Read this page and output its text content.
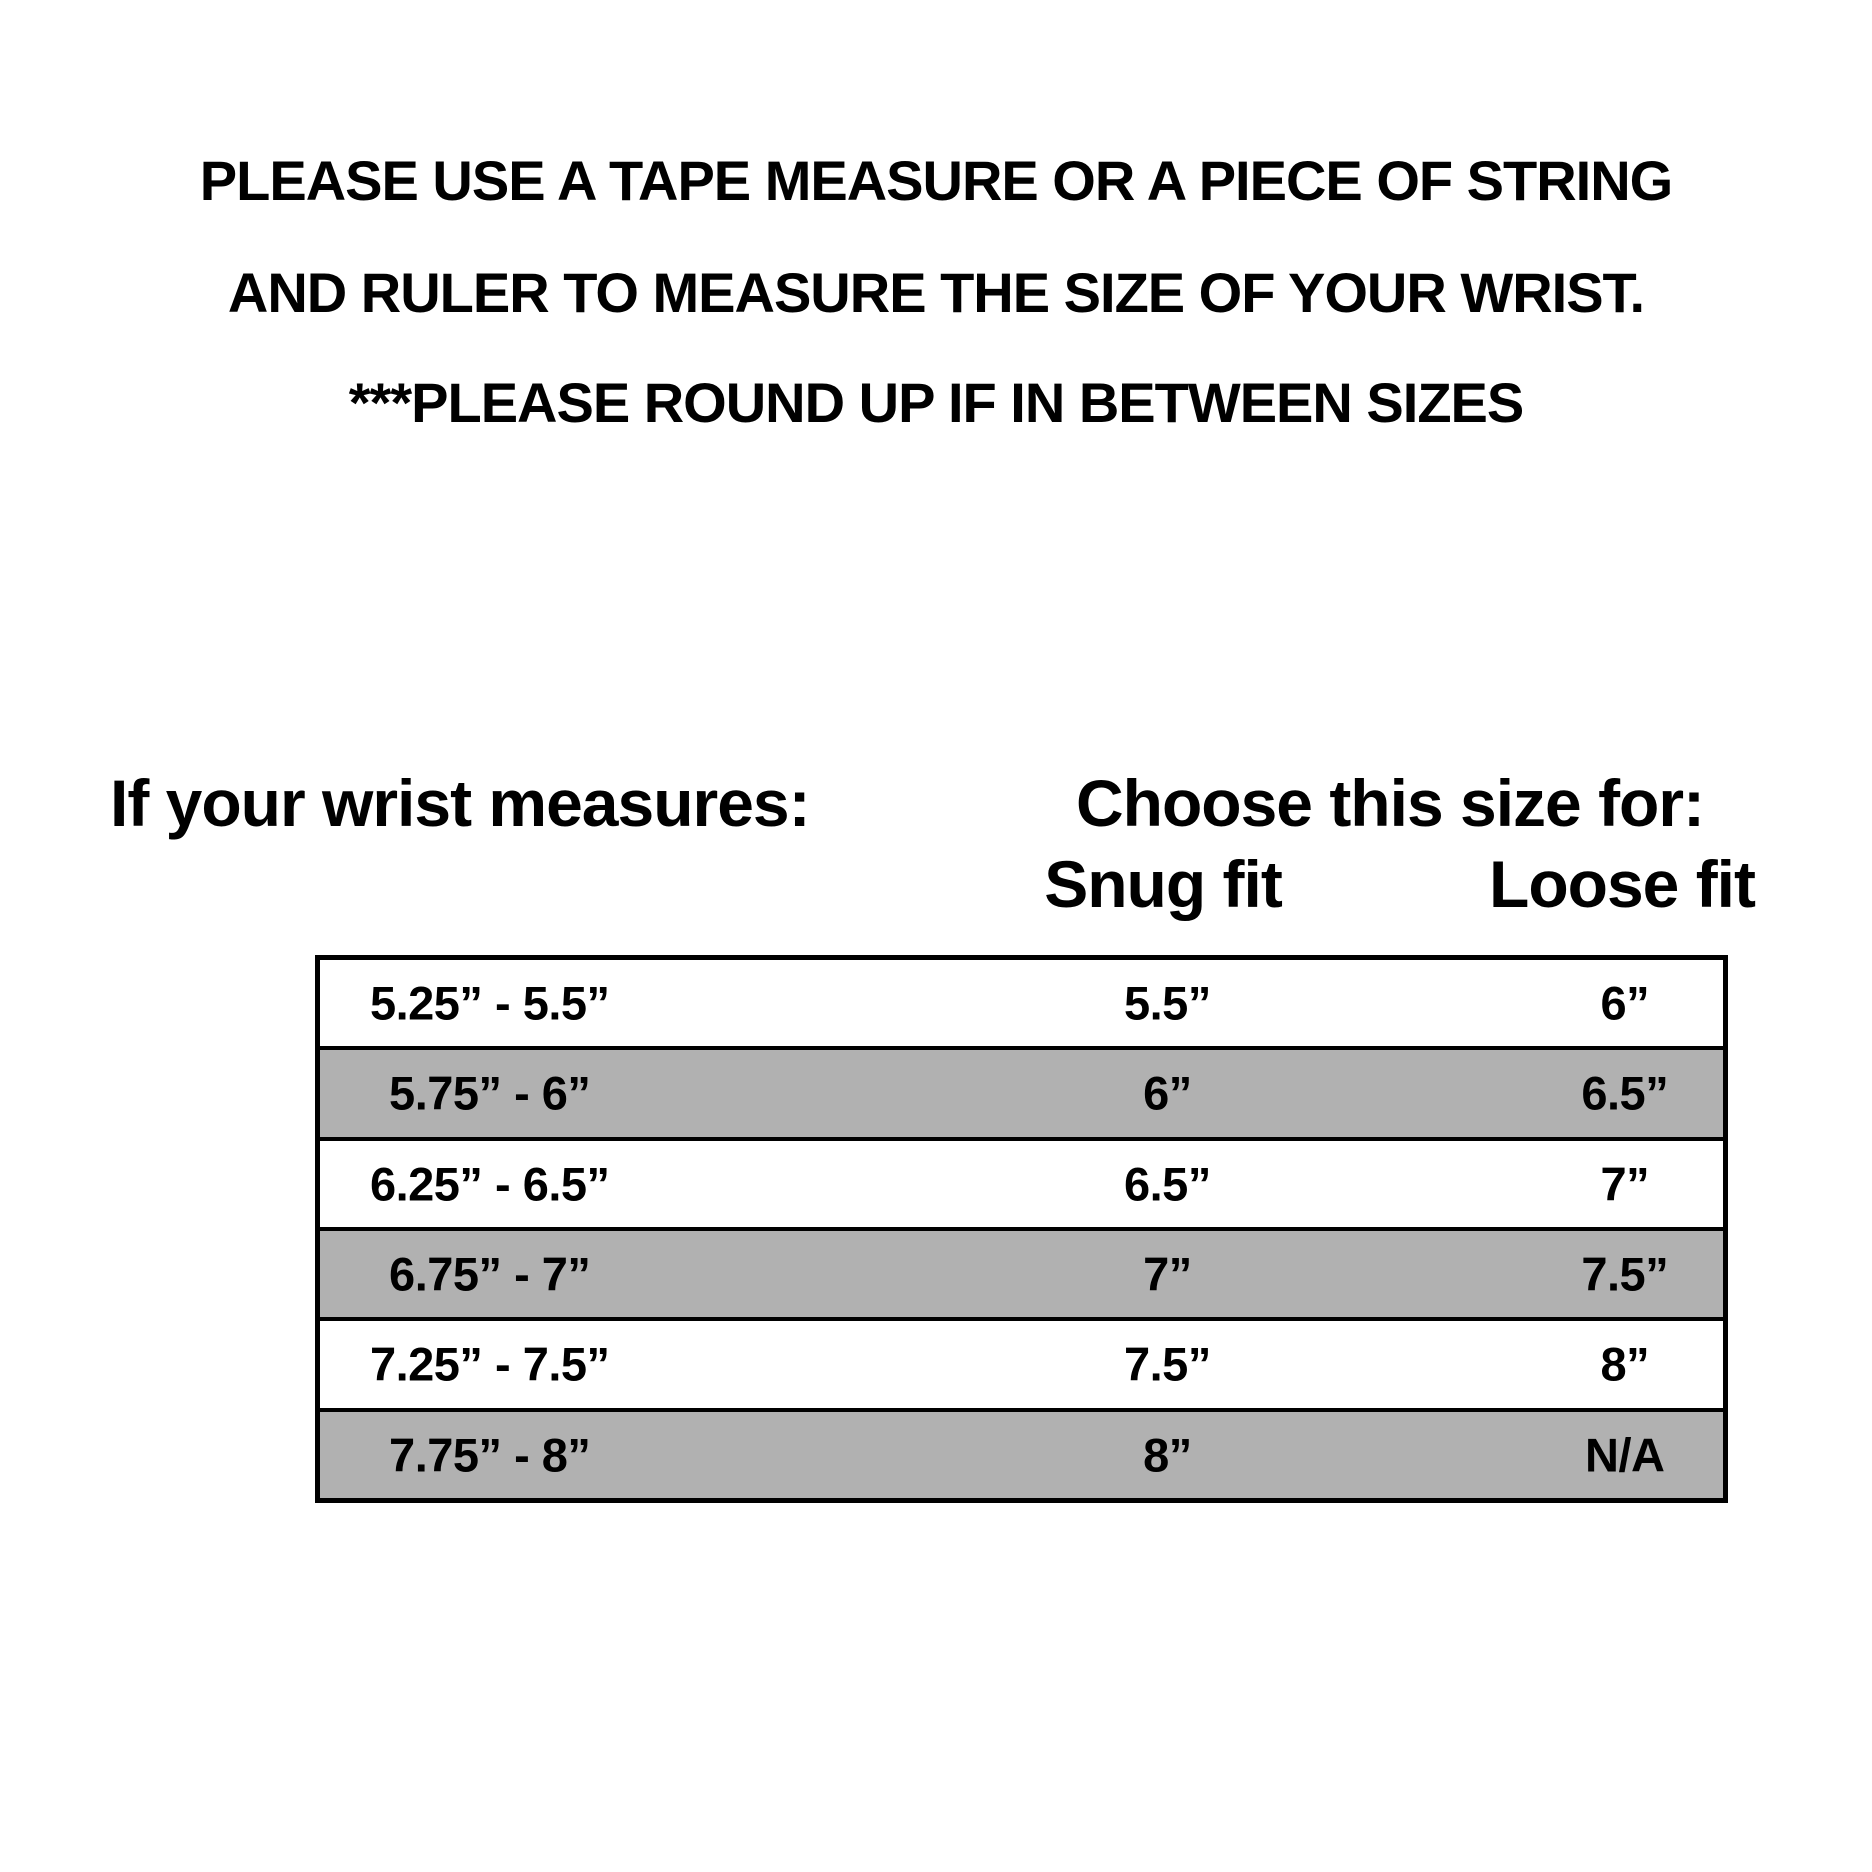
PLEASE USE A TAPE MEASURE OR A PIECE OF STRING
AND RULER TO MEASURE THE SIZE OF YOUR WRIST.
***PLEASE ROUND UP IF IN BETWEEN SIZES
If your wrist measures:	Choose this size for:
Snug fit	Loose fit
5.25” - 5.5”	5.5”	6”
5.75” - 6”	6”	6.5”
6.25” - 6.5”	6.5”	7”
6.75” - 7”	7”	7.5”
7.25” - 7.5”	7.5”	8”
7.75” - 8”	8”	N/A
